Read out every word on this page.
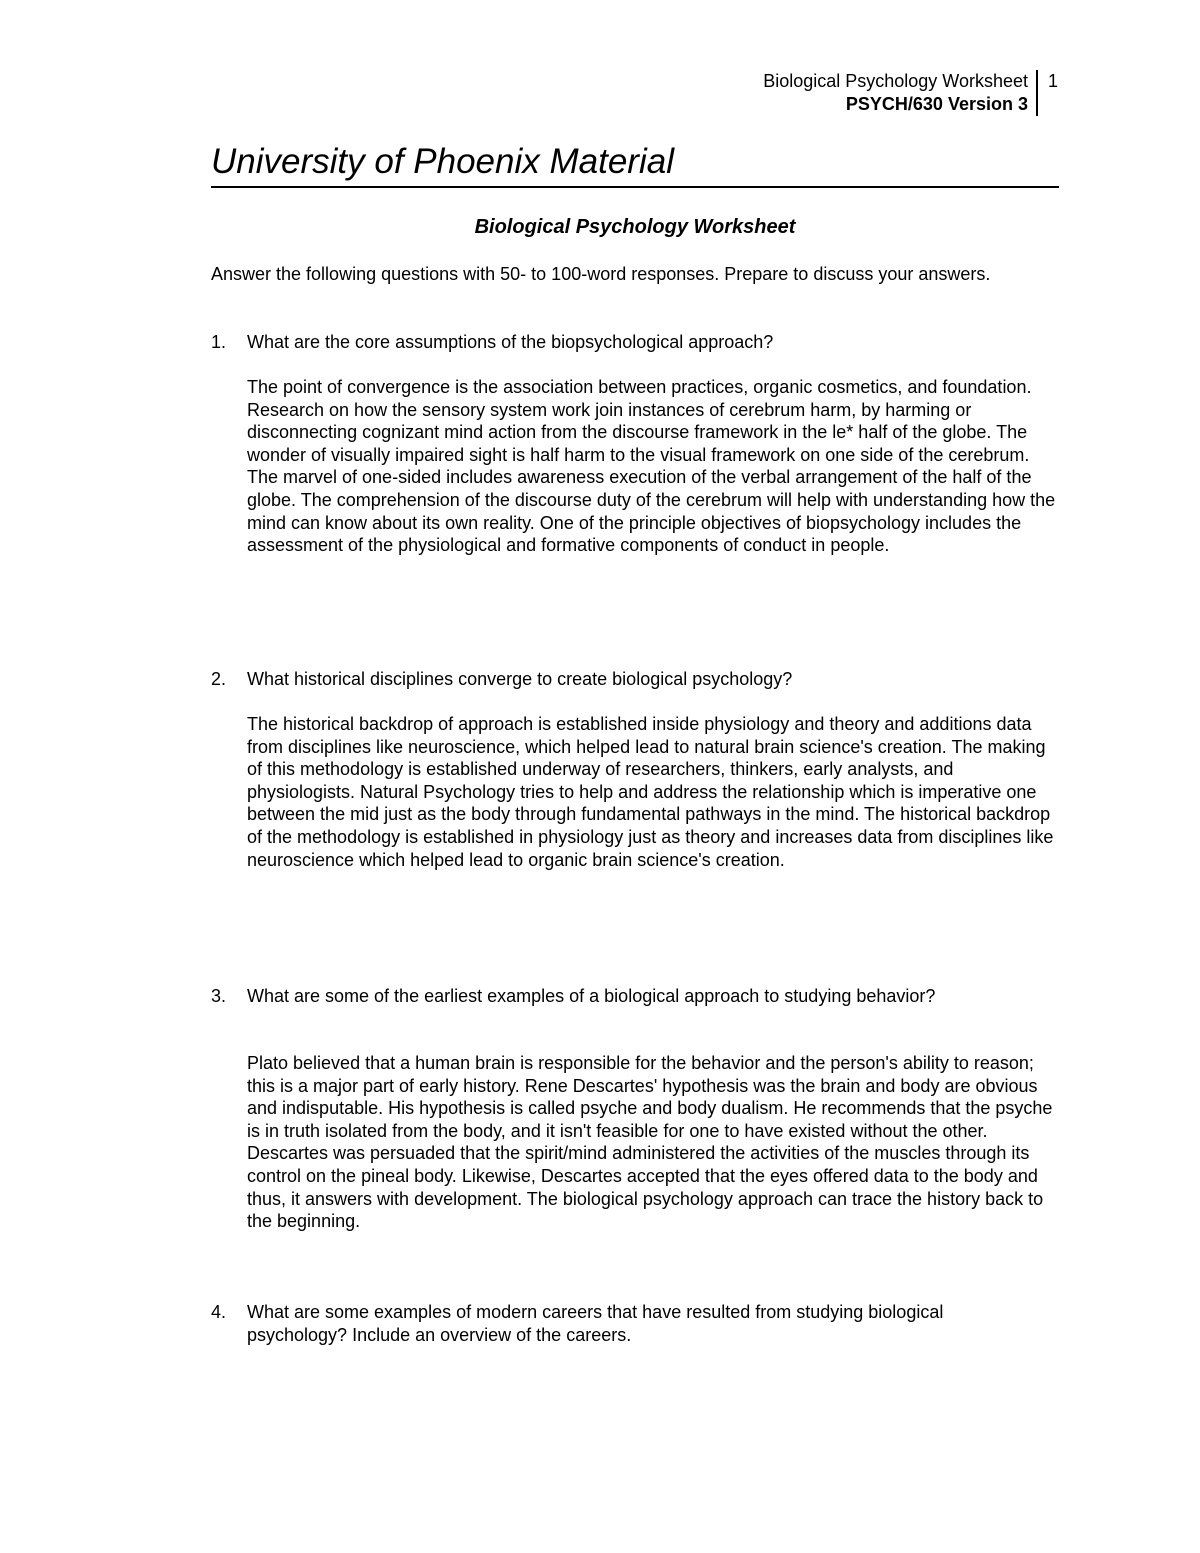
Biological Psychology Worksheet
PSYCH/630 Version 3
1
University of Phoenix Material
Biological Psychology Worksheet
Answer the following questions with 50- to 100-word responses. Prepare to discuss your answers.
1.	What are the core assumptions of the biopsychological approach?
The point of convergence is the association between practices, organic cosmetics, and foundation. Research on how the sensory system work join instances of cerebrum harm, by harming or disconnecting cognizant mind action from the discourse framework in the le* half of the globe. The wonder of visually impaired sight is half harm to the visual framework on one side of the cerebrum. The marvel of one-sided includes awareness execution of the verbal arrangement of the half of the globe. The comprehension of the discourse duty of the cerebrum will help with understanding how the mind can know about its own reality. One of the principle objectives of biopsychology includes the assessment of the physiological and formative components of conduct in people.
2.	What historical disciplines converge to create biological psychology?
The historical backdrop of approach is established inside physiology and theory and additions data from disciplines like neuroscience, which helped lead to natural brain science's creation. The making of this methodology is established underway of researchers, thinkers, early analysts, and physiologists. Natural Psychology tries to help and address the relationship which is imperative one between the mid just as the body through fundamental pathways in the mind. The historical backdrop of the methodology is established in physiology just as theory and increases data from disciplines like neuroscience which helped lead to organic brain science's creation.
3.	What are some of the earliest examples of a biological approach to studying behavior?
Plato believed that a human brain is responsible for the behavior and the person's ability to reason; this is a major part of early history. Rene Descartes' hypothesis was the brain and body are obvious and indisputable. His hypothesis is called psyche and body dualism. He recommends that the psyche is in truth isolated from the body, and it isn't feasible for one to have existed without the other. Descartes was persuaded that the spirit/mind administered the activities of the muscles through its control on the pineal body. Likewise, Descartes accepted that the eyes offered data to the body and thus, it answers with development. The biological psychology approach can trace the history back to the beginning.
4.	What are some examples of modern careers that have resulted from studying biological psychology? Include an overview of the careers.
